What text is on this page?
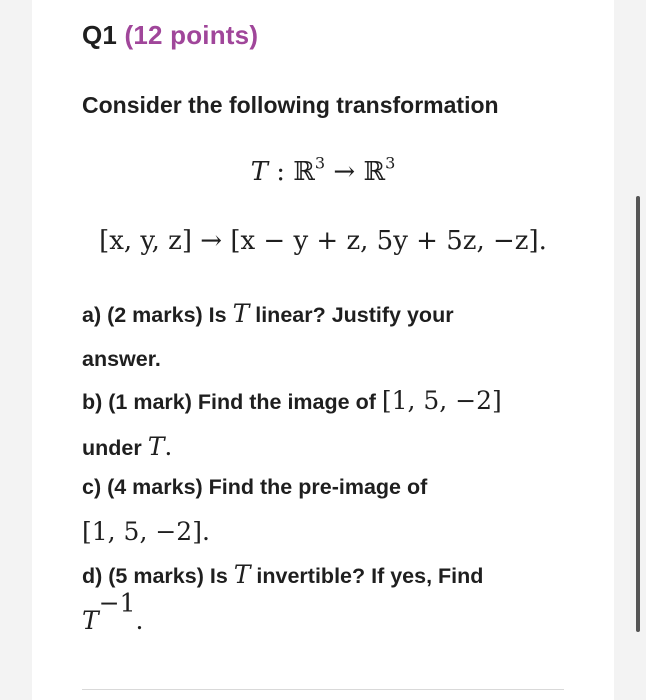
Q1 (12 points)
Consider the following transformation
T : ℝ$^3$ → ℝ$^3$
[x, y, z] → [x − y + z, 5y + 5z, −z].
a) (2 marks) Is T linear? Justify your
answer.
b) (1 mark) Find the image of [1, 5, −2]
under T.
c) (4 marks) Find the pre-image of
[1, 5, −2].
d) (5 marks) Is T invertible? If yes, Find
$T^{-1}$.
